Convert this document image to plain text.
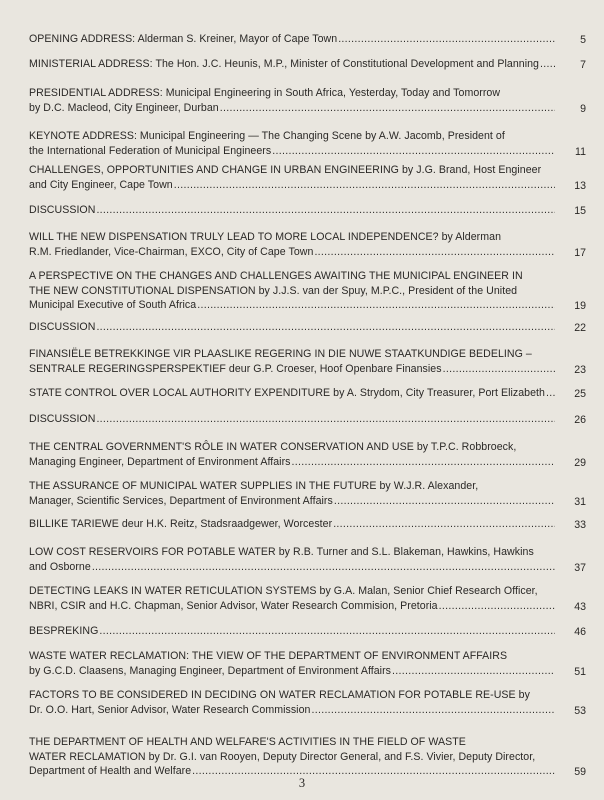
OPENING ADDRESS: Alderman S. Kreiner, Mayor of Cape Town .....	5
MINISTERIAL ADDRESS: The Hon. J.C. Heunis, M.P., Minister of Constitutional Development and Planning .....	7
PRESIDENTIAL ADDRESS: Municipal Engineering in South Africa, Yesterday, Today and Tomorrow
by D.C. Macleod, City Engineer, Durban .....	9
KEYNOTE ADDRESS: Municipal Engineering — The Changing Scene by A.W. Jacomb, President of
the International Federation of Municipal Engineers .....	11
CHALLENGES, OPPORTUNITIES AND CHANGE IN URBAN ENGINEERING by J.G. Brand, Host Engineer
and City Engineer, Cape Town .....	13
DISCUSSION .....	15
WILL THE NEW DISPENSATION TRULY LEAD TO MORE LOCAL INDEPENDENCE? by Alderman
R.M. Friedlander, Vice-Chairman, EXCO, City of Cape Town .....	17
A PERSPECTIVE ON THE CHANGES AND CHALLENGES AWAITING THE MUNICIPAL ENGINEER IN
THE NEW CONSTITUTIONAL DISPENSATION by J.J.S. van der Spuy, M.P.C., President of the United
Municipal Executive of South Africa .....	19
DISCUSSION .....	22
FINANSIËLE BETREKKINGE VIR PLAASLIKE REGERING IN DIE NUWE STAATKUNDIGE BEDELING –
SENTRALE REGERINGSPERSPEKTIEF deur G.P. Croeser, Hoof Openbare Finansies .....	23
STATE CONTROL OVER LOCAL AUTHORITY EXPENDITURE by A. Strydom, City Treasurer, Port Elizabeth .....	25
DISCUSSION .....	26
THE CENTRAL GOVERNMENT'S RÔLE IN WATER CONSERVATION AND USE by T.P.C. Robbroeck,
Managing Engineer, Department of Environment Affairs .....	29
THE ASSURANCE OF MUNICIPAL WATER SUPPLIES IN THE FUTURE by W.J.R. Alexander,
Manager, Scientific Services, Department of Environment Affairs .....	31
BILLIKE TARIEWE deur H.K. Reitz, Stadsraadgewer, Worcester .....	33
LOW COST RESERVOIRS FOR POTABLE WATER by R.B. Turner and S.L. Blakeman, Hawkins, Hawkins
and Osborne .....	37
DETECTING LEAKS IN WATER RETICULATION SYSTEMS by G.A. Malan, Senior Chief Research Officer,
NBRI, CSIR and H.C. Chapman, Senior Advisor, Water Research Commision, Pretoria .....	43
BESPREKING .....	46
WASTE WATER RECLAMATION: THE VIEW OF THE DEPARTMENT OF ENVIRONMENT AFFAIRS
by G.C.D. Claasens, Managing Engineer, Department of Environment Affairs .....	51
FACTORS TO BE CONSIDERED IN DECIDING ON WATER RECLAMATION FOR POTABLE RE-USE by
Dr. O.O. Hart, Senior Advisor, Water Research Commission .....	53
THE DEPARTMENT OF HEALTH AND WELFARE'S ACTIVITIES IN THE FIELD OF WASTE
WATER RECLAMATION by Dr. G.I. van Rooyen, Deputy Director General, and F.S. Vivier, Deputy Director,
Department of Health and Welfare .....	59
3
